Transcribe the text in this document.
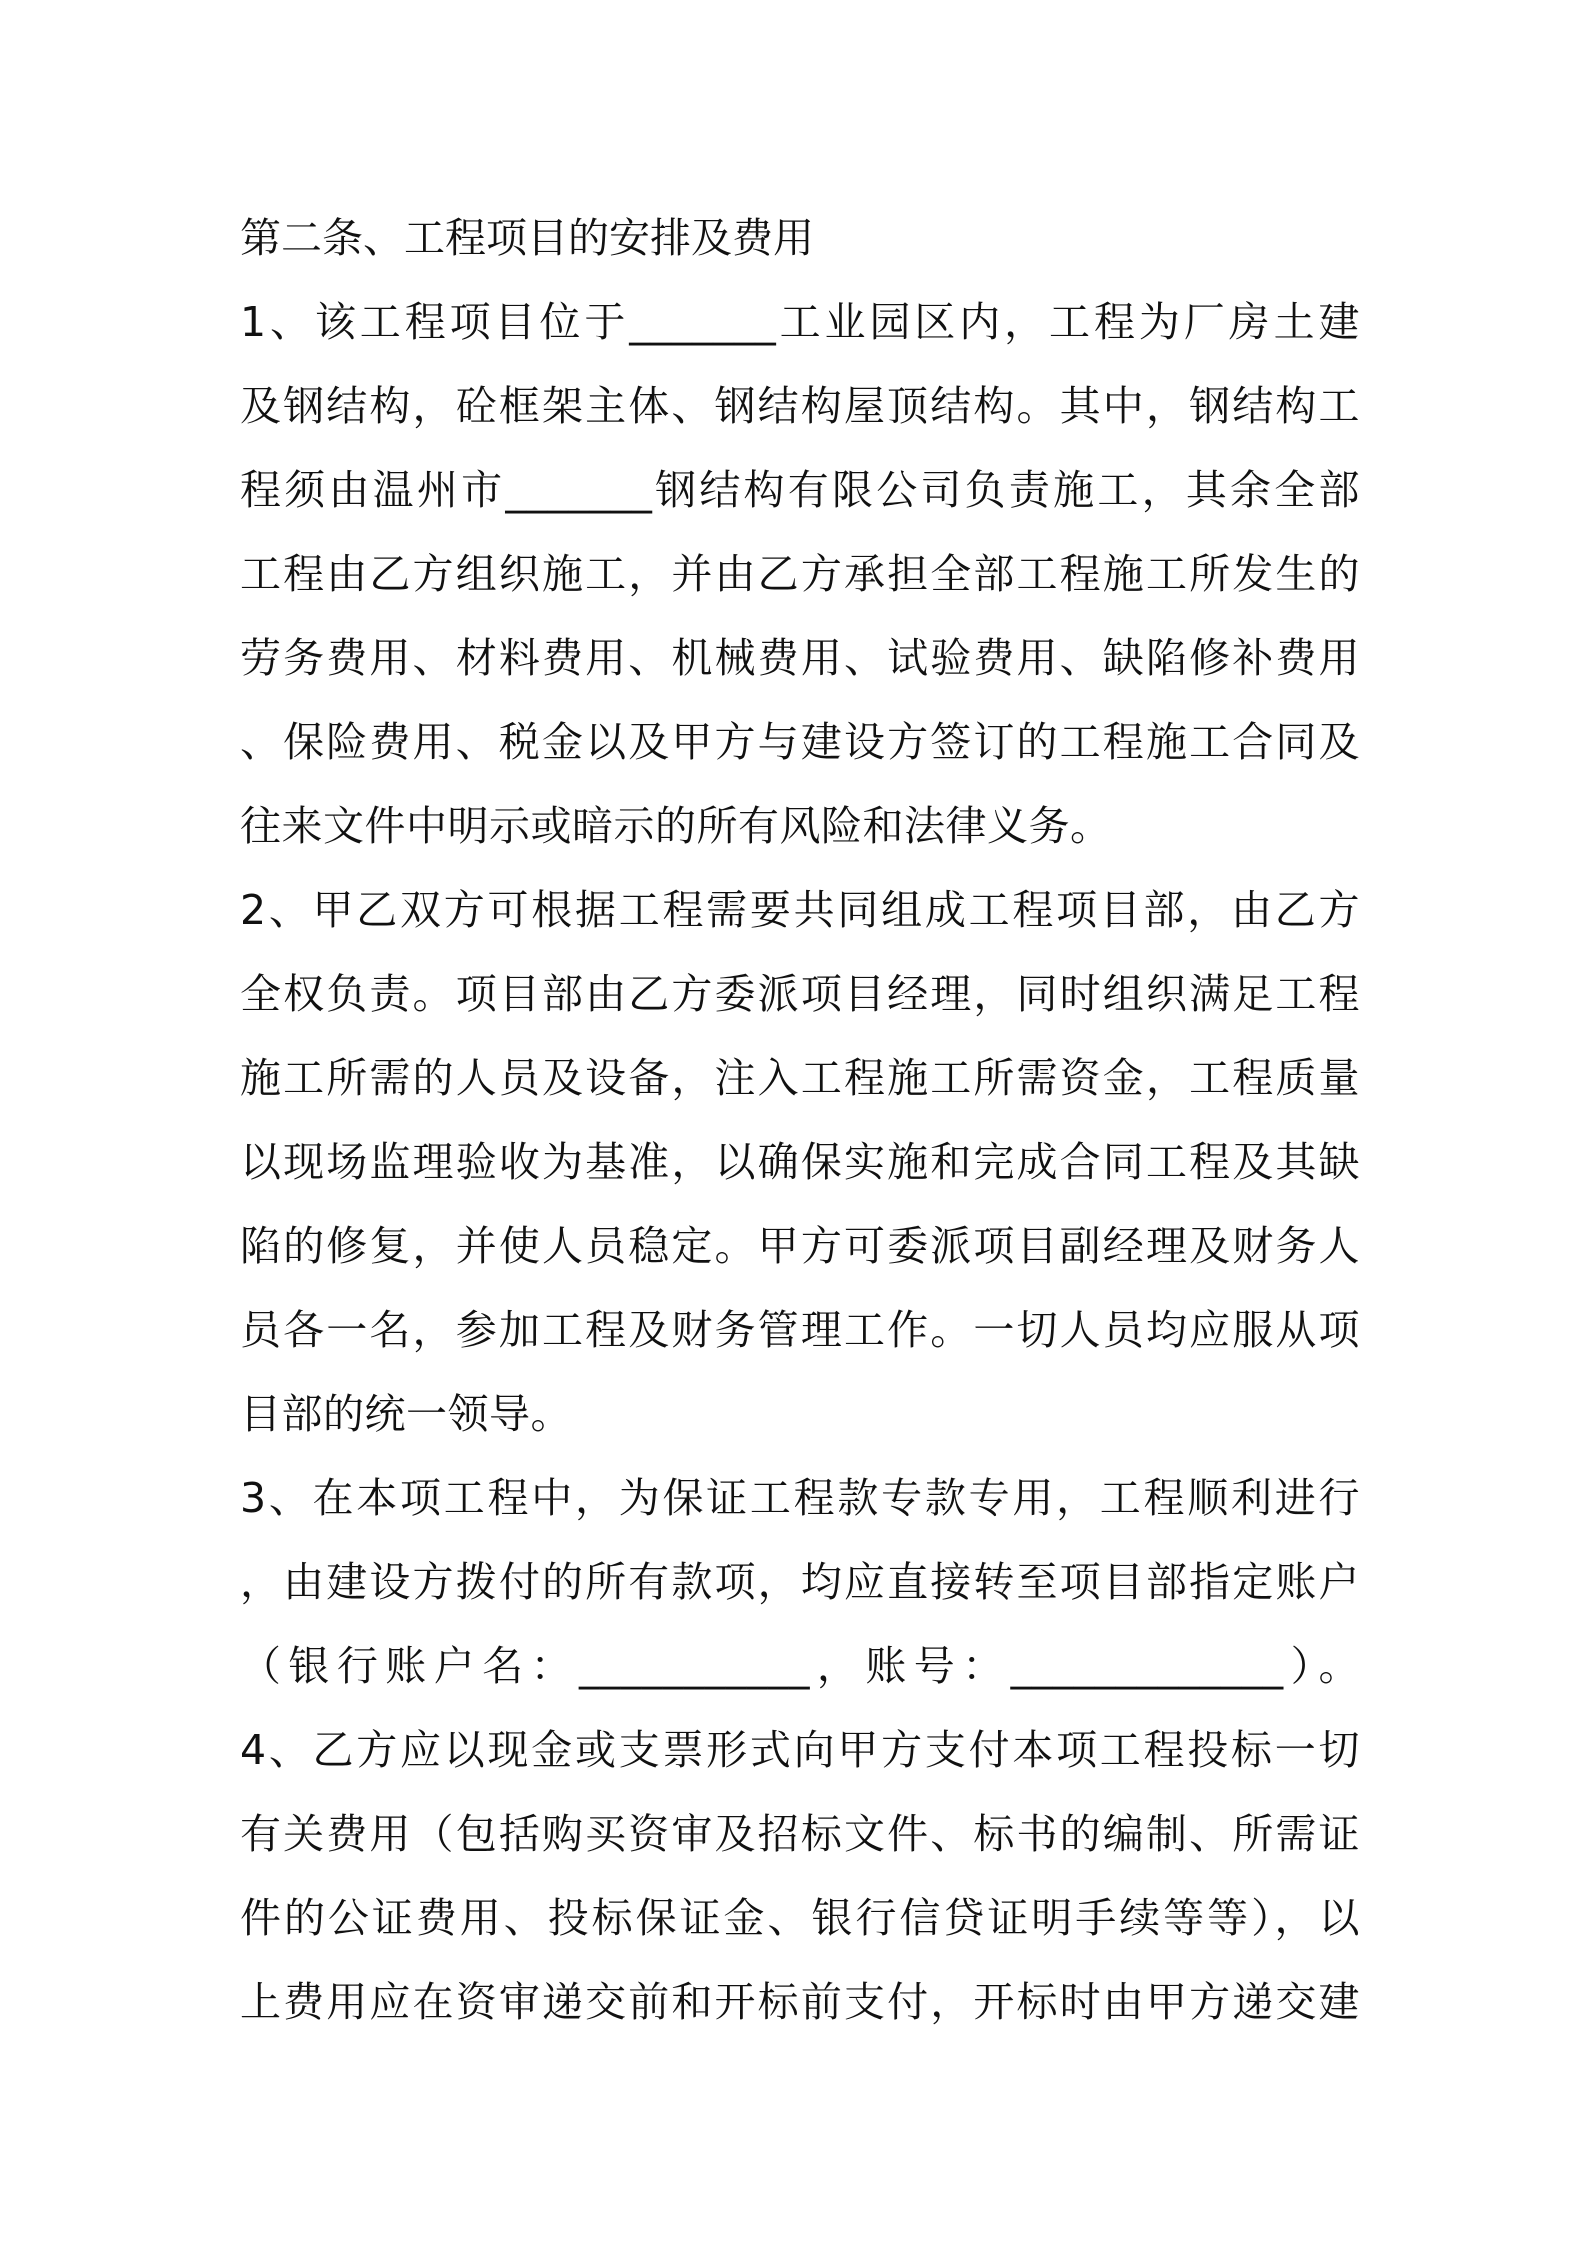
第二条、工程项目的安排及费用
1、该工程项目位于_______工业园区内，工程为厂房土建
及钢结构，砼框架主体、钢结构屋顶结构。其中，钢结构工
程须由温州市_______钢结构有限公司负责施工，其余全部
工程由乙方组织施工，并由乙方承担全部工程施工所发生的
劳务费用、材料费用、机械费用、试验费用、缺陷修补费用
、保险费用、税金以及甲方与建设方签订的工程施工合同及
往来文件中明示或暗示的所有风险和法律义务。
2、甲乙双方可根据工程需要共同组成工程项目部，由乙方
全权负责。项目部由乙方委派项目经理，同时组织满足工程
施工所需的人员及设备，注入工程施工所需资金，工程质量
以现场监理验收为基准，以确保实施和完成合同工程及其缺
陷的修复，并使人员稳定。甲方可委派项目副经理及财务人
员各一名，参加工程及财务管理工作。一切人员均应服从项
目部的统一领导。
3、在本项工程中，为保证工程款专款专用，工程顺利进行
，由建设方拨付的所有款项，均应直接转至项目部指定账户
（银行账户名：___________，账号：_____________）。
4、乙方应以现金或支票形式向甲方支付本项工程投标一切
有关费用（包括购买资审及招标文件、标书的编制、所需证
件的公证费用、投标保证金、银行信贷证明手续等等），以
上费用应在资审递交前和开标前支付，开标时由甲方递交建
